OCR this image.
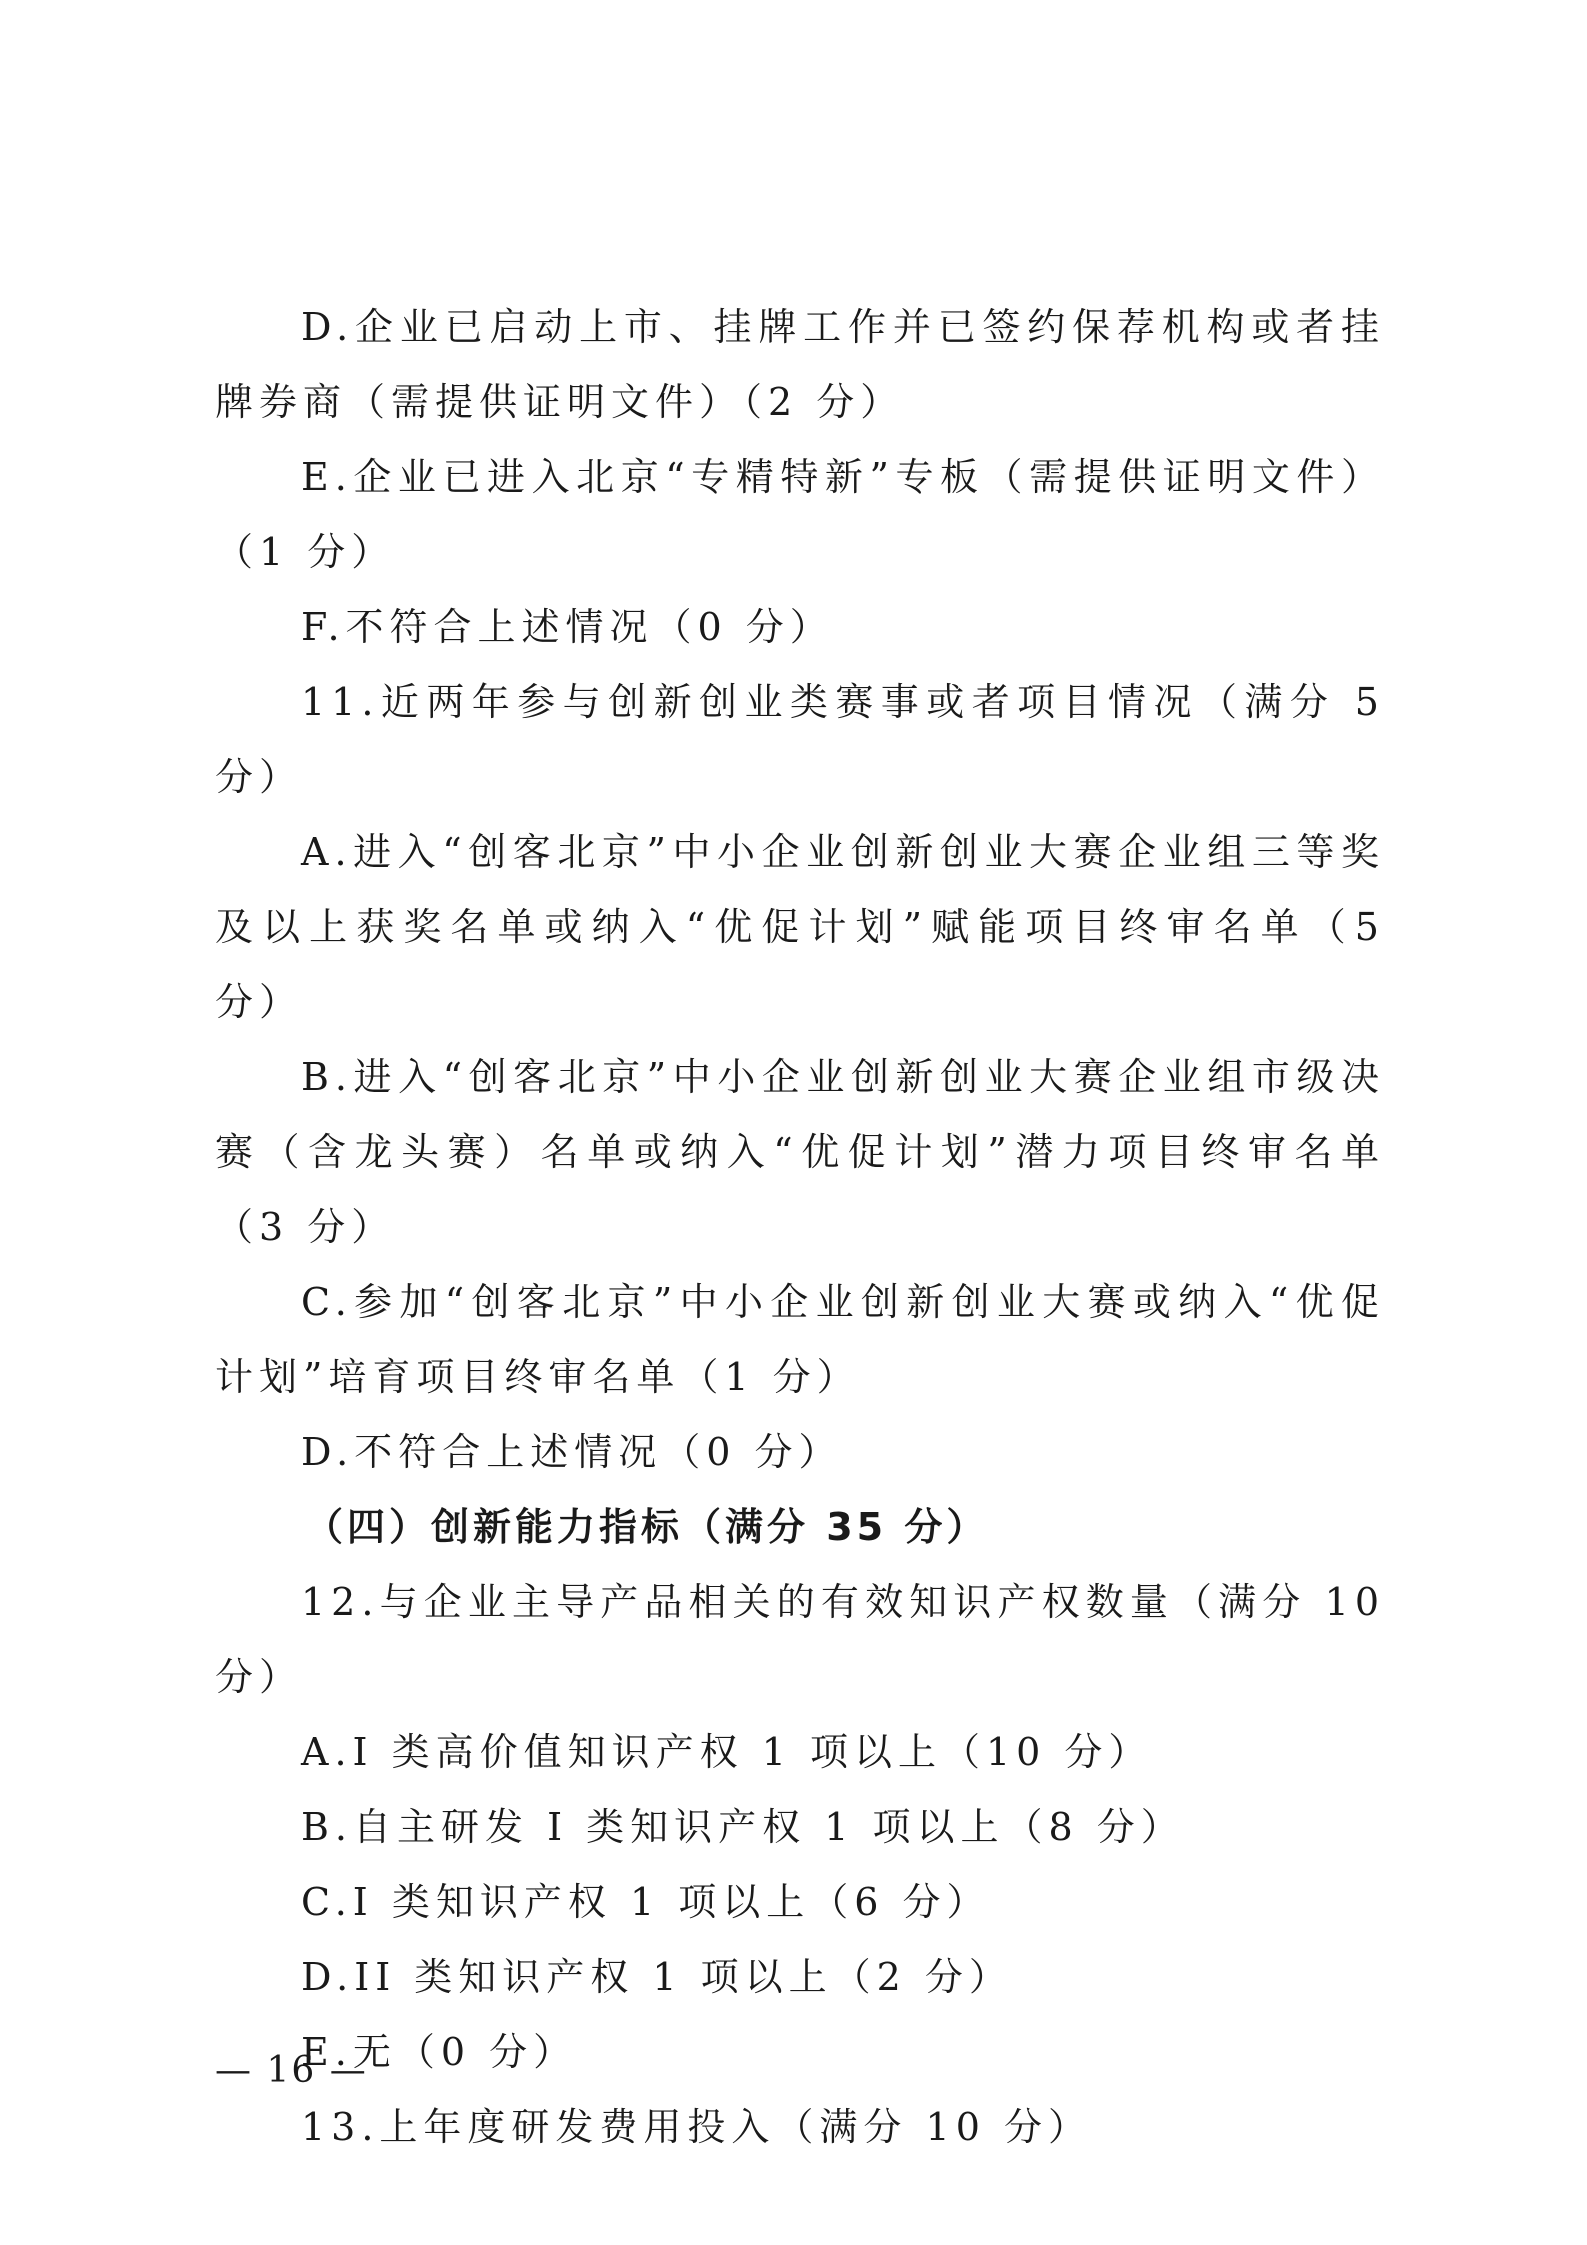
D.企业已启动上市、挂牌工作并已签约保荐机构或者挂牌券商（需提供证明文件）（2 分）

E.企业已进入北京“专精特新”专板（需提供证明文件）（1 分）

F.不符合上述情况（0 分）

11.近两年参与创新创业类赛事或者项目情况（满分 5 分）

A.进入“创客北京”中小企业创新创业大赛企业组三等奖及以上获奖名单或纳入“优促计划”赋能项目终审名单（5 分）

B.进入“创客北京”中小企业创新创业大赛企业组市级决赛（含龙头赛）名单或纳入“优促计划”潜力项目终审名单（3 分）

C.参加“创客北京”中小企业创新创业大赛或纳入“优促计划”培育项目终审名单（1 分）

D.不符合上述情况（0 分）

（四）创新能力指标（满分 35 分）

12.与企业主导产品相关的有效知识产权数量（满分 10 分）

A.I 类高价值知识产权 1 项以上（10 分）

B.自主研发 I 类知识产权 1 项以上（8 分）

C.I 类知识产权 1 项以上（6 分）

D.II 类知识产权 1 项以上（2 分）

E.无（0 分）

13.上年度研发费用投入（满分 10 分）

— 16 —
